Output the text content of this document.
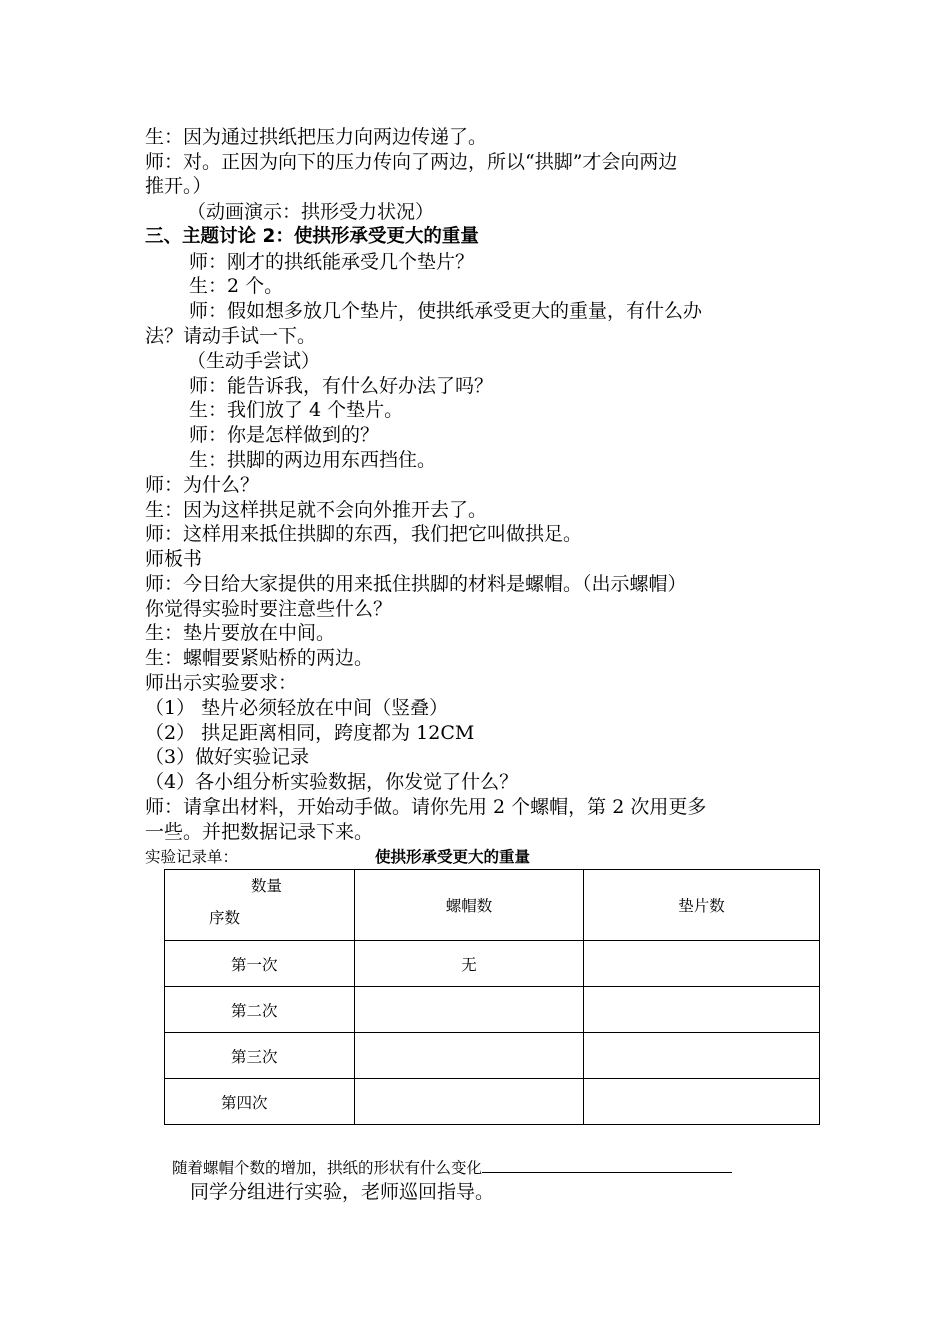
生：因为通过拱纸把压力向两边传递了。
师：对。正因为向下的压力传向了两边，所以“拱脚”才会向两边
推开。）
（动画演示：拱形受力状况）
三、主题讨论 2：使拱形承受更大的重量
师：刚才的拱纸能承受几个垫片？
生：2 个。
师：假如想多放几个垫片，使拱纸承受更大的重量，有什么办
法？请动手试一下。
（生动手尝试）
师：能告诉我，有什么好办法了吗？
生：我们放了 4 个垫片。
师：你是怎样做到的？
生：拱脚的两边用东西挡住。
师：为什么？
生：因为这样拱足就不会向外推开去了。
师：这样用来抵住拱脚的东西，我们把它叫做拱足。
师板书
师：今日给大家提供的用来抵住拱脚的材料是螺帽。（出示螺帽）
你觉得实验时要注意些什么？
生：垫片要放在中间。
生：螺帽要紧贴桥的两边。
师出示实验要求：
（1） 垫片必须轻放在中间（竖叠）
（2） 拱足距离相同，跨度都为 12CM
（3）做好实验记录
（4）各小组分析实验数据，你发觉了什么？
师：请拿出材料，开始动手做。请你先用 2 个螺帽，第 2 次用更多
一些。并把数据记录下来。
实验记录单：	使拱形承受更大的重量
数量
序数	螺帽数	垫片数
第一次	无	
第二次		
第三次		
第四次		
随着螺帽个数的增加，拱纸的形状有什么变化
同学分组进行实验，老师巡回指导。
